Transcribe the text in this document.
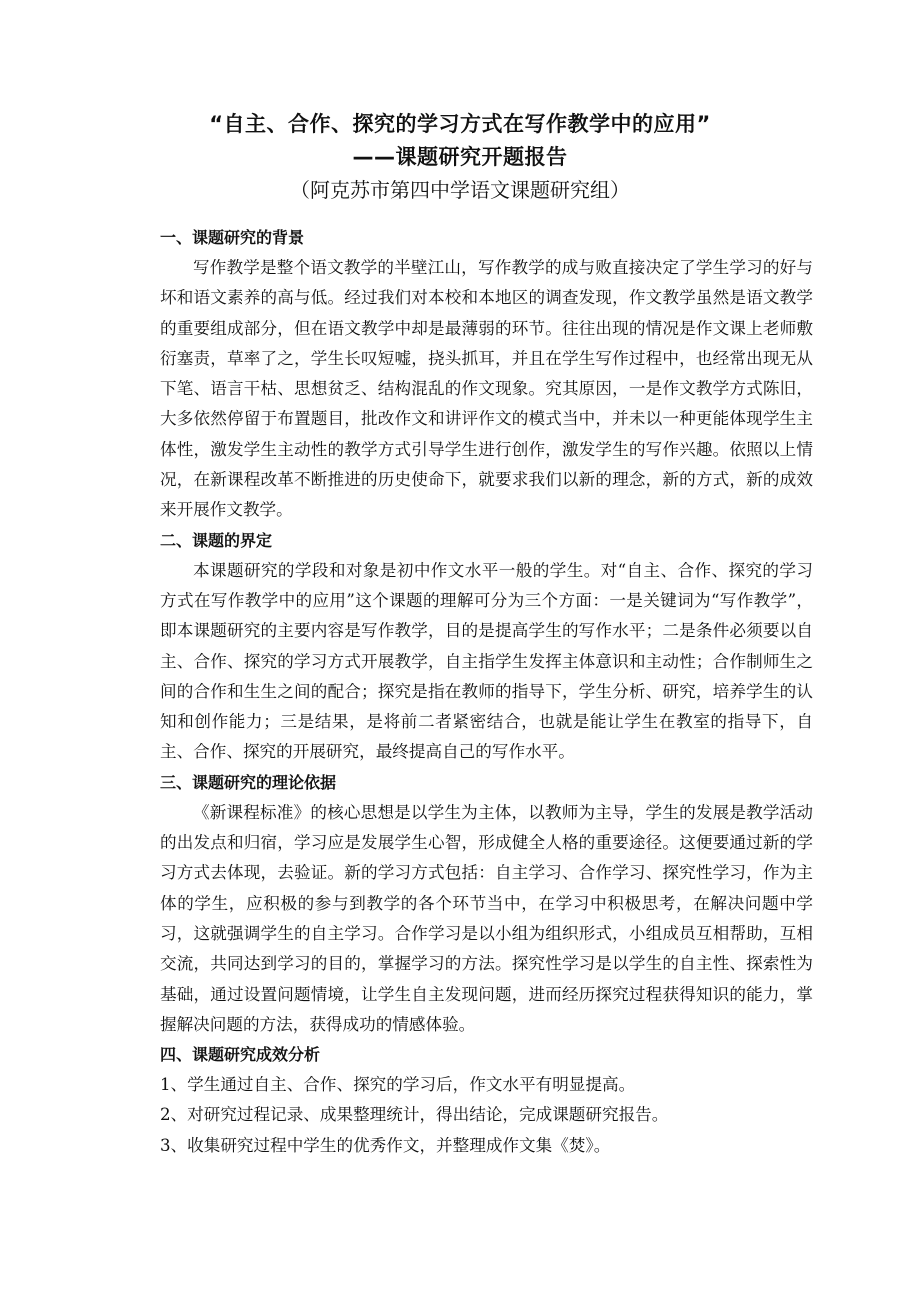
“自主、合作、探究的学习方式在写作教学中的应用”
——课题研究开题报告
（阿克苏市第四中学语文课题研究组）
一、课题研究的背景

写作教学是整个语文教学的半壁江山，写作教学的成与败直接决定了学生学习的好与坏和语文素养的高与低。经过我们对本校和本地区的调查发现，作文教学虽然是语文教学的重要组成部分，但在语文教学中却是最薄弱的环节。往往出现的情况是作文课上老师敷衍塞责，草率了之，学生长叹短嘘，挠头抓耳，并且在学生写作过程中，也经常出现无从下笔、语言干枯、思想贫乏、结构混乱的作文现象。究其原因，一是作文教学方式陈旧，大多依然停留于布置题目，批改作文和讲评作文的模式当中，并未以一种更能体现学生主体性，激发学生主动性的教学方式引导学生进行创作，激发学生的写作兴趣。依照以上情况，在新课程改革不断推进的历史使命下，就要求我们以新的理念，新的方式，新的成效来开展作文教学。

二、课题的界定

本课题研究的学段和对象是初中作文水平一般的学生。对“自主、合作、探究的学习方式在写作教学中的应用”这个课题的理解可分为三个方面：一是关键词为“写作教学”，即本课题研究的主要内容是写作教学，目的是提高学生的写作水平；二是条件必须要以自主、合作、探究的学习方式开展教学，自主指学生发挥主体意识和主动性；合作制师生之间的合作和生生之间的配合；探究是指在教师的指导下，学生分析、研究，培养学生的认知和创作能力；三是结果，是将前二者紧密结合，也就是能让学生在教室的指导下，自主、合作、探究的开展研究，最终提高自己的写作水平。

三、课题研究的理论依据

《新课程标准》的核心思想是以学生为主体，以教师为主导，学生的发展是教学活动的出发点和归宿，学习应是发展学生心智，形成健全人格的重要途径。这便要通过新的学习方式去体现，去验证。新的学习方式包括：自主学习、合作学习、探究性学习，作为主体的学生，应积极的参与到教学的各个环节当中，在学习中积极思考，在解决问题中学习，这就强调学生的自主学习。合作学习是以小组为组织形式，小组成员互相帮助，互相交流，共同达到学习的目的，掌握学习的方法。探究性学习是以学生的自主性、探索性为基础，通过设置问题情境，让学生自主发现问题，进而经历探究过程获得知识的能力，掌握解决问题的方法，获得成功的情感体验。

四、课题研究成效分析

1、学生通过自主、合作、探究的学习后，作文水平有明显提高。

2、对研究过程记录、成果整理统计，得出结论，完成课题研究报告。

3、收集研究过程中学生的优秀作文，并整理成作文集《焚》。
